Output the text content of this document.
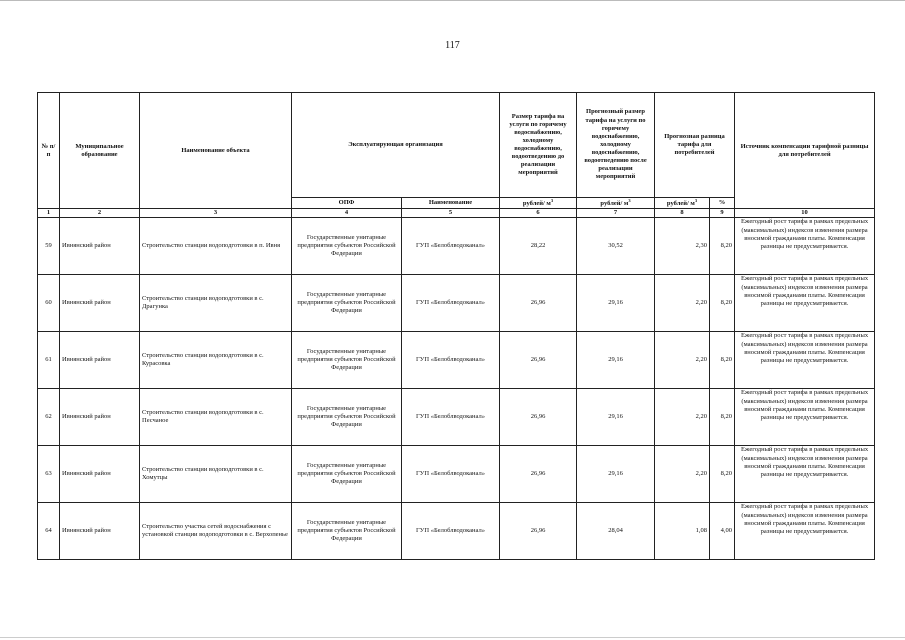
117
№ п/п	Муниципальное образование	Наименование объекта	Эксплуатирующая организация		Размер тарифа на услуги по горячему водоснабжению, холодному водоснабжению, водоотведению до реализации мероприятий	Прогнозный размер тарифа на услуги по горячему водоснабжению, холодному водоснабжению, водоотведению после реализации мероприятий	Прогнозная разница тарифа для потребителей		Источник компенсации тарифной разницы для потребителей
			ОПФ	Наименование	рублей/ $м^3$	рублей/ $м^3$	рублей/ $м^3$	%	
1	2	3	4	5	6	7	8	9	10
59	Ивнянский район	Строительство станции водоподготовки в п. Ивня	Государственные унитарные предприятия субъектов Российской Федерации	ГУП «Белоблводоканал»	28,22	30,52	2,30	8,20	Ежегодный рост тарифа в рамках предельных (максимальных) индексов изменения размера вносимой гражданами платы. Компенсация разницы не предусматривается.
60	Ивнянский район	Строительство станции водоподготовки в с. Драгунка	Государственные унитарные предприятия субъектов Российской Федерации	ГУП «Белоблводоканал»	26,96	29,16	2,20	8,20	Ежегодный рост тарифа в рамках предельных (максимальных) индексов изменения размера вносимой гражданами платы. Компенсация разницы не предусматривается.
61	Ивнянский район	Строительство станции водоподготовки в с. Курасовка	Государственные унитарные предприятия субъектов Российской Федерации	ГУП «Белоблводоканал»	26,96	29,16	2,20	8,20	Ежегодный рост тарифа в рамках предельных (максимальных) индексов изменения размера вносимой гражданами платы. Компенсация разницы не предусматривается.
62	Ивнянский район	Строительство станции водоподготовки в с. Песчаное	Государственные унитарные предприятия субъектов Российской Федерации	ГУП «Белоблводоканал»	26,96	29,16	2,20	8,20	Ежегодный рост тарифа в рамках предельных (максимальных) индексов изменения размера вносимой гражданами платы. Компенсация разницы не предусматривается.
63	Ивнянский район	Строительство станции водоподготовки в с. Хомутцы	Государственные унитарные предприятия субъектов Российской Федерации	ГУП «Белоблводоканал»	26,96	29,16	2,20	8,20	Ежегодный рост тарифа в рамках предельных (максимальных) индексов изменения размера вносимой гражданами платы. Компенсация разницы не предусматривается.
64	Ивнянский район	Строительство участка сетей водоснабжения с установкой станции водоподготовки в с. Верхопенье	Государственные унитарные предприятия субъектов Российской Федерации	ГУП «Белоблводоканал»	26,96	28,04	1,08	4,00	Ежегодный рост тарифа в рамках предельных (максимальных) индексов изменения размера вносимой гражданами платы. Компенсация разницы не предусматривается.
